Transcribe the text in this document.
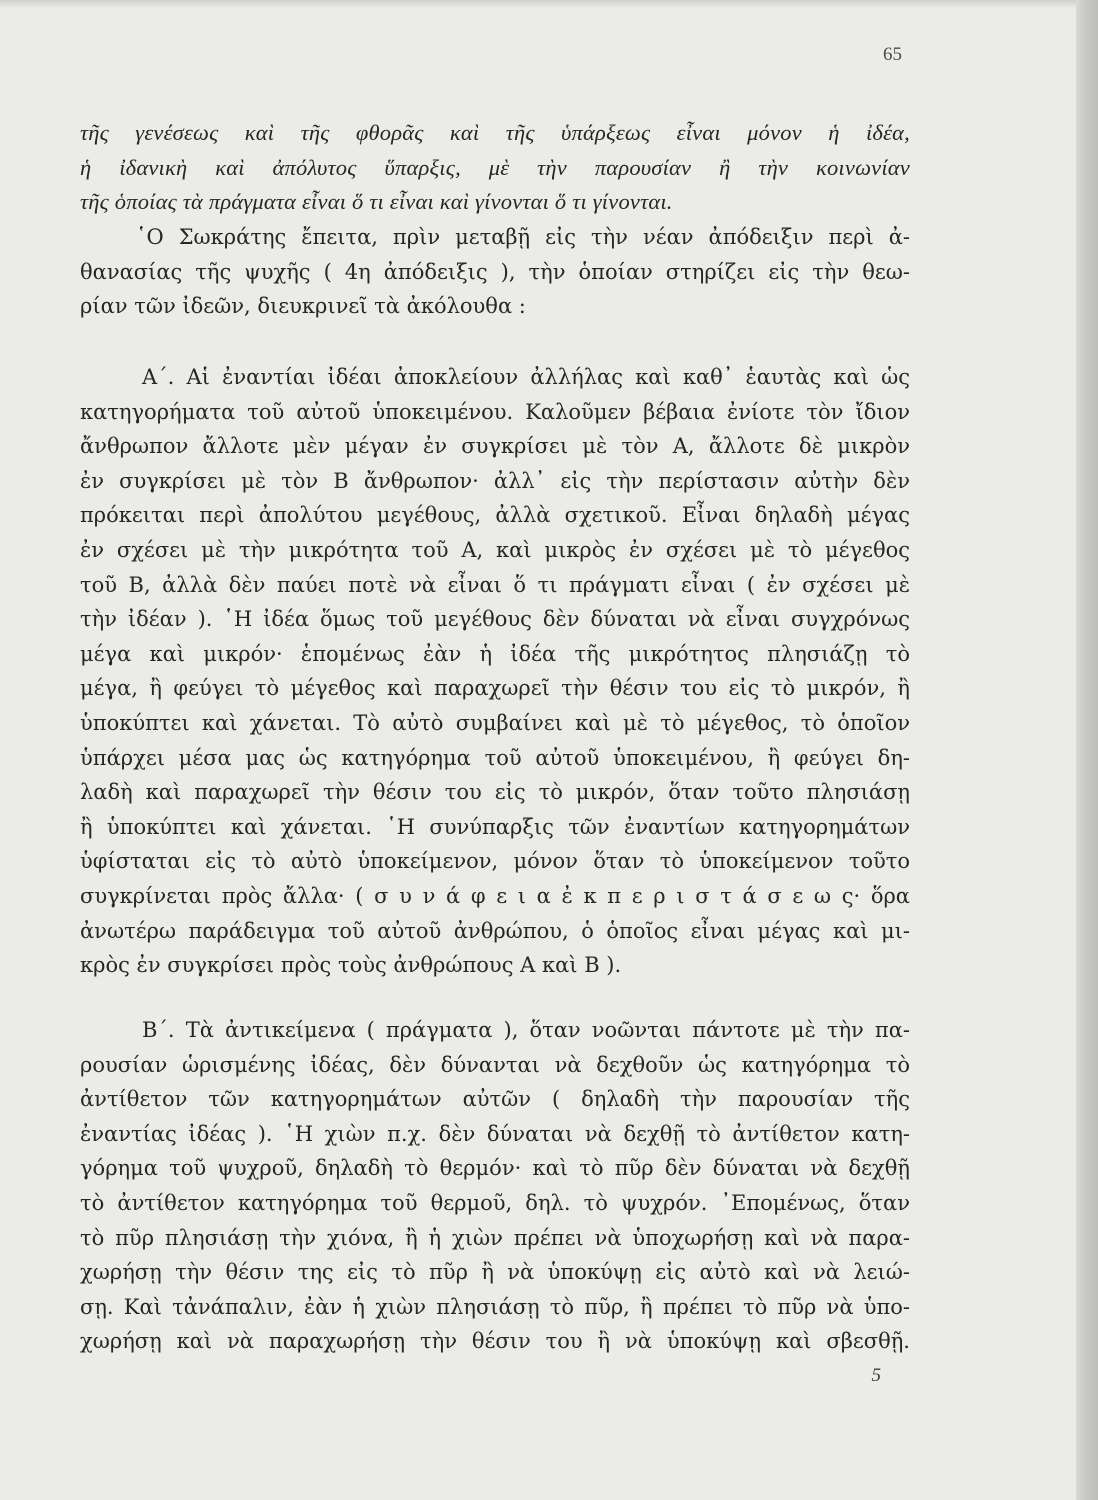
65
τῆς γενέσεως καὶ τῆς φθορᾶς καὶ τῆς ὑπάρξεως εἶναι μόνον ἡ ἰδέα,
ἡ ἰδανικὴ καὶ ἀπόλυτος ὕπαρξις, μὲ τὴν παρουσίαν ἢ τὴν κοινωνίαν
τῆς ὁποίας τὰ πράγματα εἶναι ὅ τι εἶναι καὶ γίνονται ὅ τι γίνονται.
῾Ο Σωκράτης ἔπειτα, πρὶν μεταβῇ εἰς τὴν νέαν ἀπόδειξιν περὶ ἀ-
θανασίας τῆς ψυχῆς ( 4η ἀπόδειξις ), τὴν ὁποίαν στηρίζει εἰς τὴν θεω-
ρίαν τῶν ἰδεῶν, διευκρινεῖ τὰ ἀκόλουθα :
Α΄. Αἱ ἐναντίαι ἰδέαι ἀποκλείουν ἀλλήλας καὶ καθ᾽ ἑαυτὰς καὶ ὡς
κατηγορήματα τοῦ αὐτοῦ ὑποκειμένου. Καλοῦμεν βέβαια ἐνίοτε τὸν ἴδιον
ἄνθρωπον ἄλλοτε μὲν μέγαν ἐν συγκρίσει μὲ τὸν Α, ἄλλοτε δὲ μικρὸν
ἐν συγκρίσει μὲ τὸν Β ἄνθρωπον· ἀλλ᾽ εἰς τὴν περίστασιν αὐτὴν δὲν
πρόκειται περὶ ἀπολύτου μεγέθους, ἀλλὰ σχετικοῦ. Εἶναι δηλαδὴ μέγας
ἐν σχέσει μὲ τὴν μικρότητα τοῦ Α, καὶ μικρὸς ἐν σχέσει μὲ τὸ μέγεθος
τοῦ Β, ἀλλὰ δὲν παύει ποτὲ νὰ εἶναι ὅ τι πράγματι εἶναι ( ἐν σχέσει μὲ
τὴν ἰδέαν ). ῾Η ἰδέα ὅμως τοῦ μεγέθους δὲν δύναται νὰ εἶναι συγχρόνως
μέγα καὶ μικρόν· ἑπομένως ἐὰν ἡ ἰδέα τῆς μικρότητος πλησιάζῃ τὸ
μέγα, ἢ φεύγει τὸ μέγεθος καὶ παραχωρεῖ τὴν θέσιν του εἰς τὸ μικρόν, ἢ
ὑποκύπτει καὶ χάνεται. Τὸ αὐτὸ συμβαίνει καὶ μὲ τὸ μέγεθος, τὸ ὁποῖον
ὑπάρχει μέσα μας ὡς κατηγόρημα τοῦ αὐτοῦ ὑποκειμένου, ἢ φεύγει δη-
λαδὴ καὶ παραχωρεῖ τὴν θέσιν του εἰς τὸ μικρόν, ὅταν τοῦτο πλησιάσῃ
ἢ ὑποκύπτει καὶ χάνεται. ῾Η συνύπαρξις τῶν ἐναντίων κατηγορημάτων
ὑφίσταται εἰς τὸ αὐτὸ ὑποκείμενον, μόνον ὅταν τὸ ὑποκείμενον τοῦτο
συγκρίνεται πρὸς ἄλλα· ( σ υ ν ά φ ε ι α ἐ κ π ε ρ ι σ τ ά σ ε ω ς· ὅρα
ἀνωτέρω παράδειγμα τοῦ αὐτοῦ ἀνθρώπου, ὁ ὁποῖος εἶναι μέγας καὶ μι-
κρὸς ἐν συγκρίσει πρὸς τοὺς ἀνθρώπους Α καὶ Β ).
Β΄. Τὰ ἀντικείμενα ( πράγματα ), ὅταν νοῶνται πάντοτε μὲ τὴν πα-
ρουσίαν ὡρισμένης ἰδέας, δὲν δύνανται νὰ δεχθοῦν ὡς κατηγόρημα τὸ
ἀντίθετον τῶν κατηγορημάτων αὐτῶν ( δηλαδὴ τὴν παρουσίαν τῆς
ἐναντίας ἰδέας ). ῾Η χιὼν π.χ. δὲν δύναται νὰ δεχθῇ τὸ ἀντίθετον κατη-
γόρημα τοῦ ψυχροῦ, δηλαδὴ τὸ θερμόν· καὶ τὸ πῦρ δὲν δύναται νὰ δεχθῇ
τὸ ἀντίθετον κατηγόρημα τοῦ θερμοῦ, δηλ. τὸ ψυχρόν. ᾿Επομένως, ὅταν
τὸ πῦρ πλησιάσῃ τὴν χιόνα, ἢ ἡ χιὼν πρέπει νὰ ὑποχωρήσῃ καὶ νὰ παρα-
χωρήσῃ τὴν θέσιν της εἰς τὸ πῦρ ἢ νὰ ὑποκύψῃ εἰς αὐτὸ καὶ νὰ λειώ-
σῃ. Καὶ τἀνάπαλιν, ἐὰν ἡ χιὼν πλησιάσῃ τὸ πῦρ, ἢ πρέπει τὸ πῦρ νὰ ὑπο-
χωρήσῃ καὶ νὰ παραχωρήσῃ τὴν θέσιν του ἢ νὰ ὑποκύψῃ καὶ σβεσθῇ.
5
